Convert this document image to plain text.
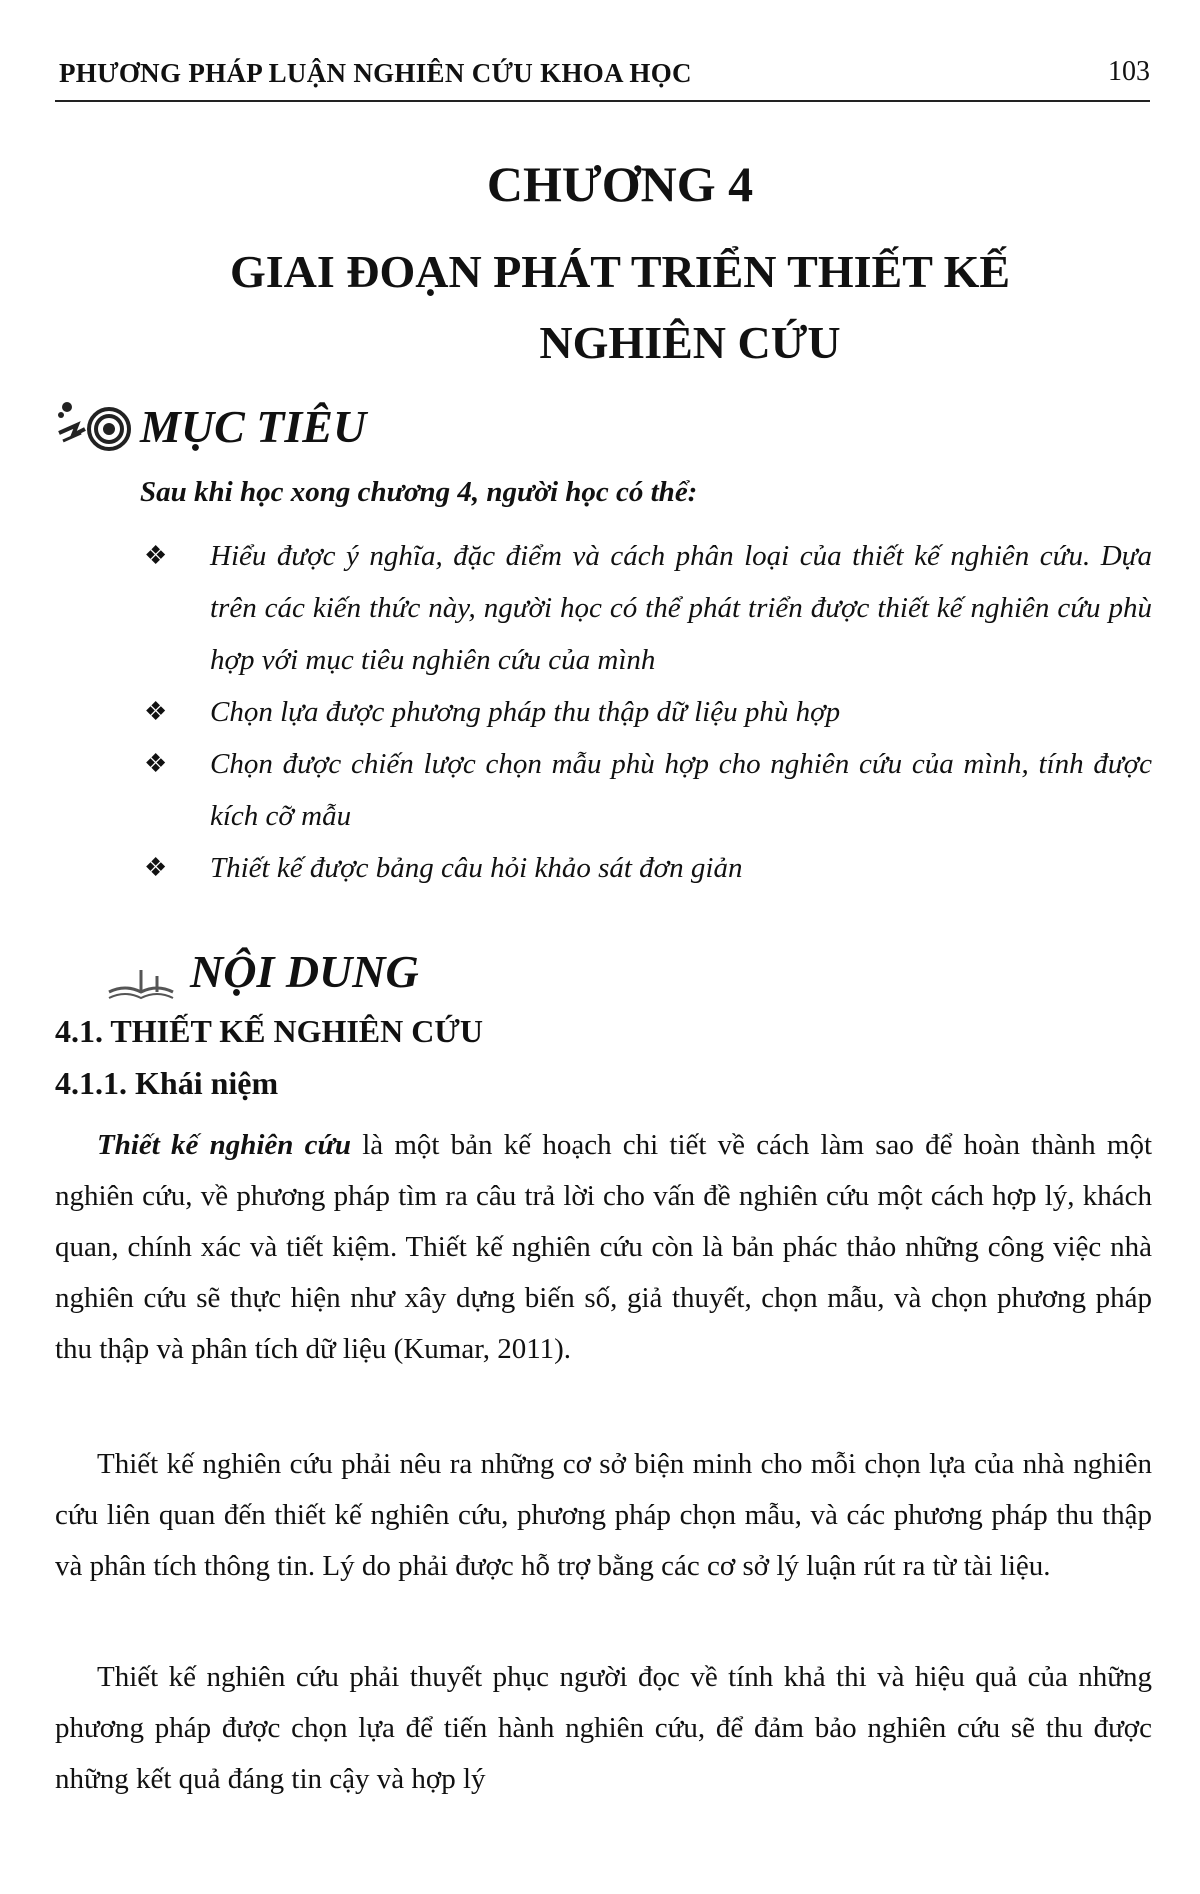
PHƯƠNG PHÁP LUẬN NGHIÊN CỨU KHOA HỌC	103
CHƯƠNG 4
GIAI ĐOẠN PHÁT TRIỂN THIẾT KẾ
NGHIÊN CỨU
MỤC TIÊU
Sau khi học xong chương 4, người học có thể:
❖ Hiểu được ý nghĩa, đặc điểm và cách phân loại của thiết kế nghiên cứu. Dựa trên các kiến thức này, người học có thể phát triển được thiết kế nghiên cứu phù hợp với mục tiêu nghiên cứu của mình
❖ Chọn lựa được phương pháp thu thập dữ liệu phù hợp
❖ Chọn được chiến lược chọn mẫu phù hợp cho nghiên cứu của mình, tính được kích cỡ mẫu
❖ Thiết kế được bảng câu hỏi khảo sát đơn giản
NỘI DUNG
4.1. THIẾT KẾ NGHIÊN CỨU
4.1.1. Khái niệm

Thiết kế nghiên cứu là một bản kế hoạch chi tiết về cách làm sao để hoàn thành một nghiên cứu, về phương pháp tìm ra câu trả lời cho vấn đề nghiên cứu một cách hợp lý, khách quan, chính xác và tiết kiệm. Thiết kế nghiên cứu còn là bản phác thảo những công việc nhà nghiên cứu sẽ thực hiện như xây dựng biến số, giả thuyết, chọn mẫu, và chọn phương pháp thu thập và phân tích dữ liệu (Kumar, 2011).

Thiết kế nghiên cứu phải nêu ra những cơ sở biện minh cho mỗi chọn lựa của nhà nghiên cứu liên quan đến thiết kế nghiên cứu, phương pháp chọn mẫu, và các phương pháp thu thập và phân tích thông tin. Lý do phải được hỗ trợ bằng các cơ sở lý luận rút ra từ tài liệu.

Thiết kế nghiên cứu phải thuyết phục người đọc về tính khả thi và hiệu quả của những phương pháp được chọn lựa để tiến hành nghiên cứu, để đảm bảo nghiên cứu sẽ thu được những kết quả đáng tin cậy và hợp lý
